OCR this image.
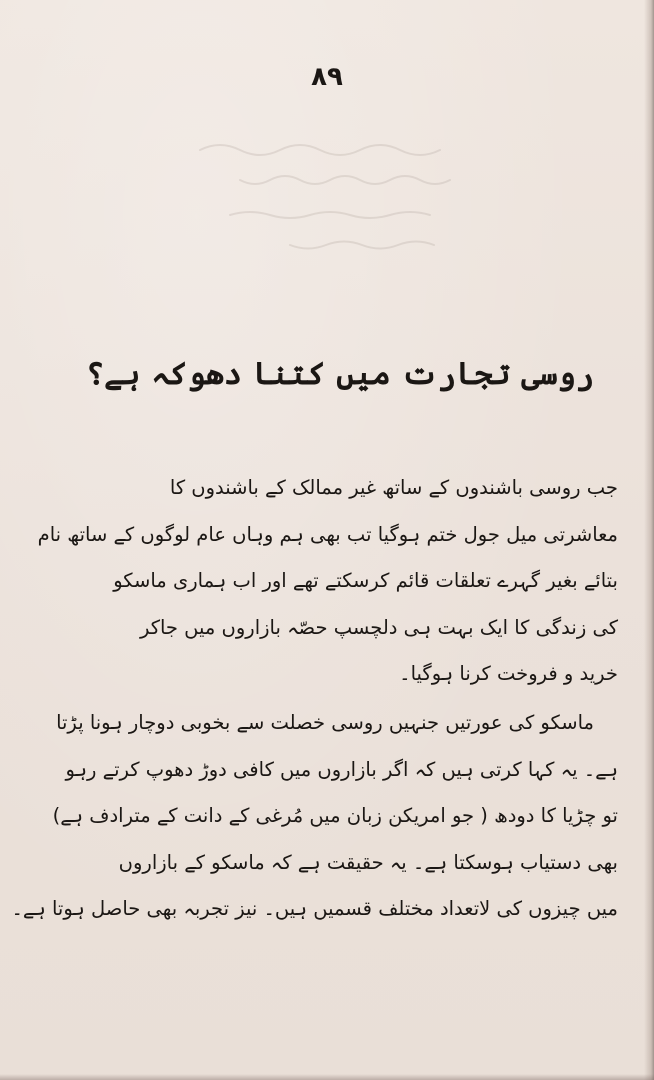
۸۹
روسی تجارت میں کتنا دھوکہ ہے؟
جب روسی باشندوں کے ساتھ غیر ممالک کے باشندوں کا
معاشرتی میل جول ختم ہوگیا تب بھی ہم وہاں عام لوگوں کے ساتھ نام
بتائے بغیر گہرے تعلقات قائم کرسکتے تھے اور اب ہماری ماسکو
کی زندگی کا ایک بہت ہی دلچسپ حصّہ بازاروں میں جاکر
خرید و فروخت کرنا ہوگیا۔
ماسکو کی عورتیں جنہیں روسی خصلت سے بخوبی دوچار ہونا پڑتا
ہے۔ یہ کہا کرتی ہیں کہ اگر بازاروں میں کافی دوڑ دھوپ کرتے رہو
تو چڑیا کا دودھ ( جو امریکن زبان میں مُرغی کے دانت کے مترادف ہے)
بھی دستیاب ہوسکتا ہے۔ یہ حقیقت ہے کہ ماسکو کے بازاروں
میں چیزوں کی لاتعداد مختلف قسمیں ہیں۔ نیز تجربہ بھی حاصل ہوتا ہے۔
